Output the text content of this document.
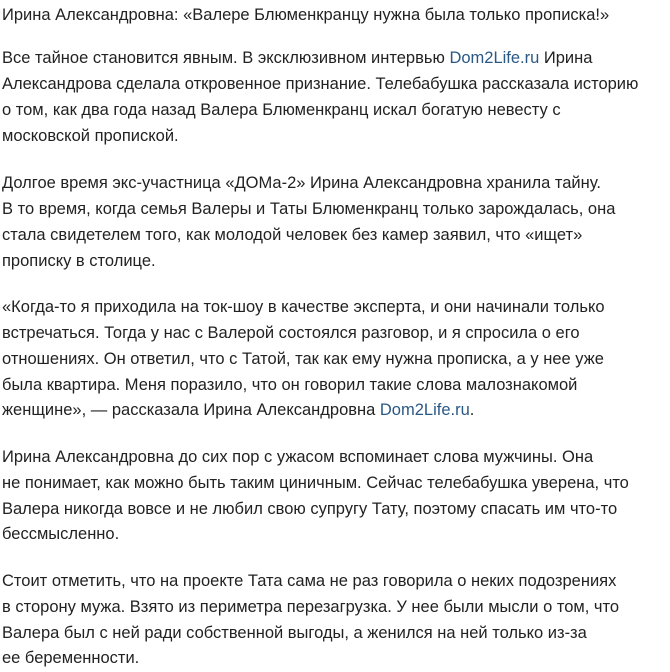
Ирина Александровна: «Валере Блюменкранцу нужна была только прописка!»
Все тайное становится явным. В эксклюзивном интервью Dom2Life.ru Ирина
Александрова сделала откровенное признание. Телебабушка рассказала историю
о том, как два года назад Валера Блюменкранц искал богатую невесту с
московской пропиской.
Долгое время экс-участница «ДОМа-2» Ирина Александровна хранила тайну.
В то время, когда семья Валеры и Таты Блюменкранц только зарождалась, она
стала свидетелем того, как молодой человек без камер заявил, что «ищет»
прописку в столице.
«Когда-то я приходила на ток-шоу в качестве эксперта, и они начинали только
встречаться. Тогда у нас с Валерой состоялся разговор, и я спросила о его
отношениях. Он ответил, что с Татой, так как ему нужна прописка, а у нее уже
была квартира. Меня поразило, что он говорил такие слова малознакомой
женщине», — рассказала Ирина Александровна Dom2Life.ru.
Ирина Александровна до сих пор с ужасом вспоминает слова мужчины. Она
не понимает, как можно быть таким циничным. Сейчас телебабушка уверена, что
Валера никогда вовсе и не любил свою супругу Тату, поэтому спасать им что-то
бессмысленно.
Стоит отметить, что на проекте Тата сама не раз говорила о неких подозрениях
в сторону мужа. Взято из периметра перезагрузка. У нее были мысли о том, что
Валера был с ней ради собственной выгоды, а женился на ней только из-за
ее беременности.
